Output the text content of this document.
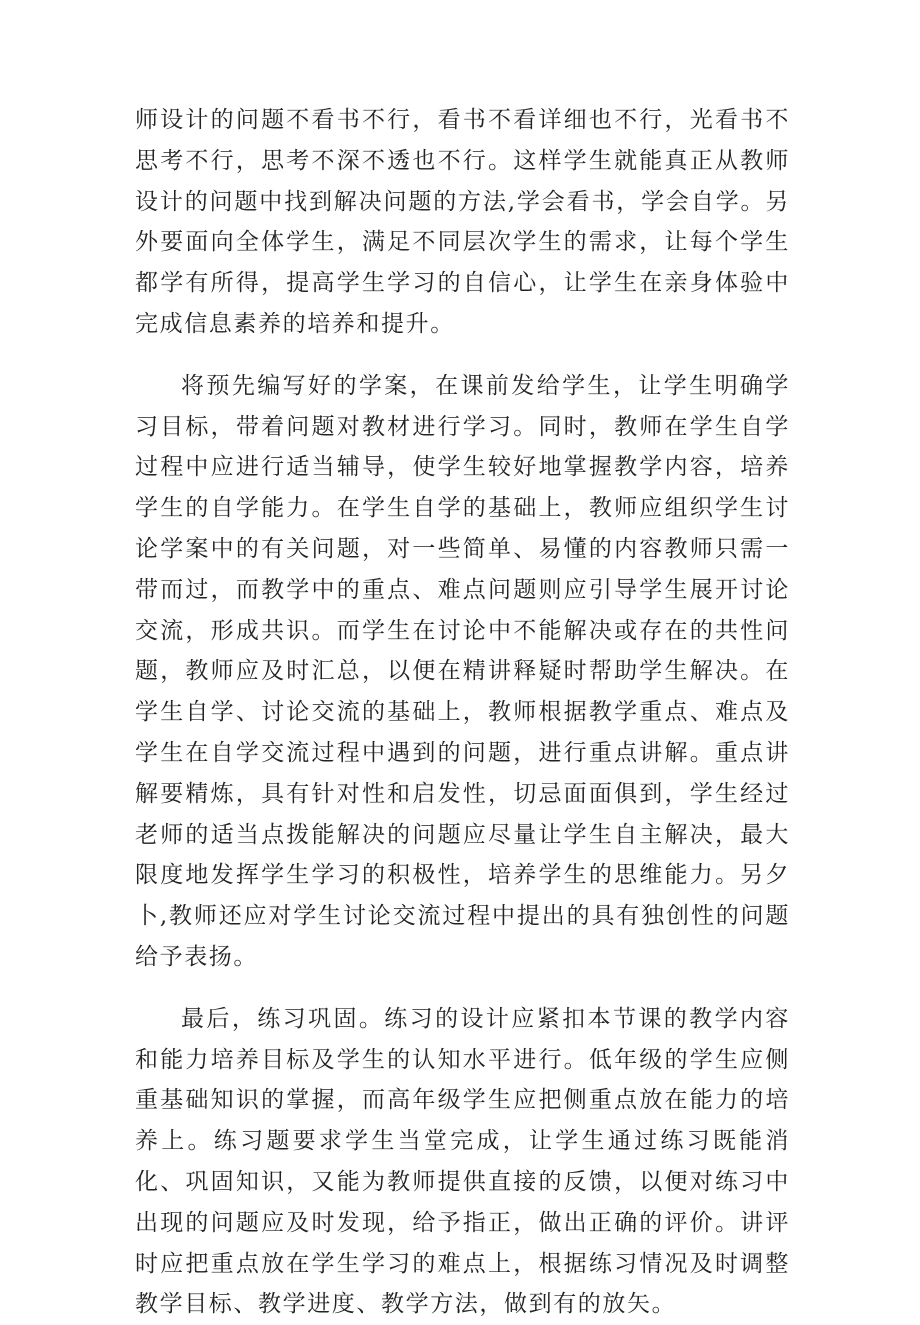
师设计的问题不看书不行，看书不看详细也不行，光看书不思考不行，思考不深不透也不行。这样学生就能真正从教师设计的问题中找到解决问题的方法,学会看书，学会自学。另外要面向全体学生，满足不同层次学生的需求，让每个学生都学有所得，提高学生学习的自信心，让学生在亲身体验中完成信息素养的培养和提升。

将预先编写好的学案，在课前发给学生，让学生明确学习目标，带着问题对教材进行学习。同时，教师在学生自学过程中应进行适当辅导，使学生较好地掌握教学内容，培养学生的自学能力。在学生自学的基础上，教师应组织学生讨论学案中的有关问题，对一些简单、易懂的内容教师只需一带而过，而教学中的重点、难点问题则应引导学生展开讨论交流，形成共识。而学生在讨论中不能解决或存在的共性问题，教师应及时汇总，以便在精讲释疑时帮助学生解决。在学生自学、讨论交流的基础上，教师根据教学重点、难点及学生在自学交流过程中遇到的问题，进行重点讲解。重点讲解要精炼，具有针对性和启发性，切忌面面俱到，学生经过老师的适当点拨能解决的问题应尽量让学生自主解决，最大限度地发挥学生学习的积极性，培养学生的思维能力。另夕卜,教师还应对学生讨论交流过程中提出的具有独创性的问题给予表扬。

最后，练习巩固。练习的设计应紧扣本节课的教学内容和能力培养目标及学生的认知水平进行。低年级的学生应侧重基础知识的掌握，而高年级学生应把侧重点放在能力的培养上。练习题要求学生当堂完成，让学生通过练习既能消化、巩固知识，又能为教师提供直接的反馈，以便对练习中出现的问题应及时发现，给予指正，做出正确的评价。讲评时应把重点放在学生学习的难点上，根据练习情况及时调整教学目标、教学进度、教学方法，做到有的放矢。
